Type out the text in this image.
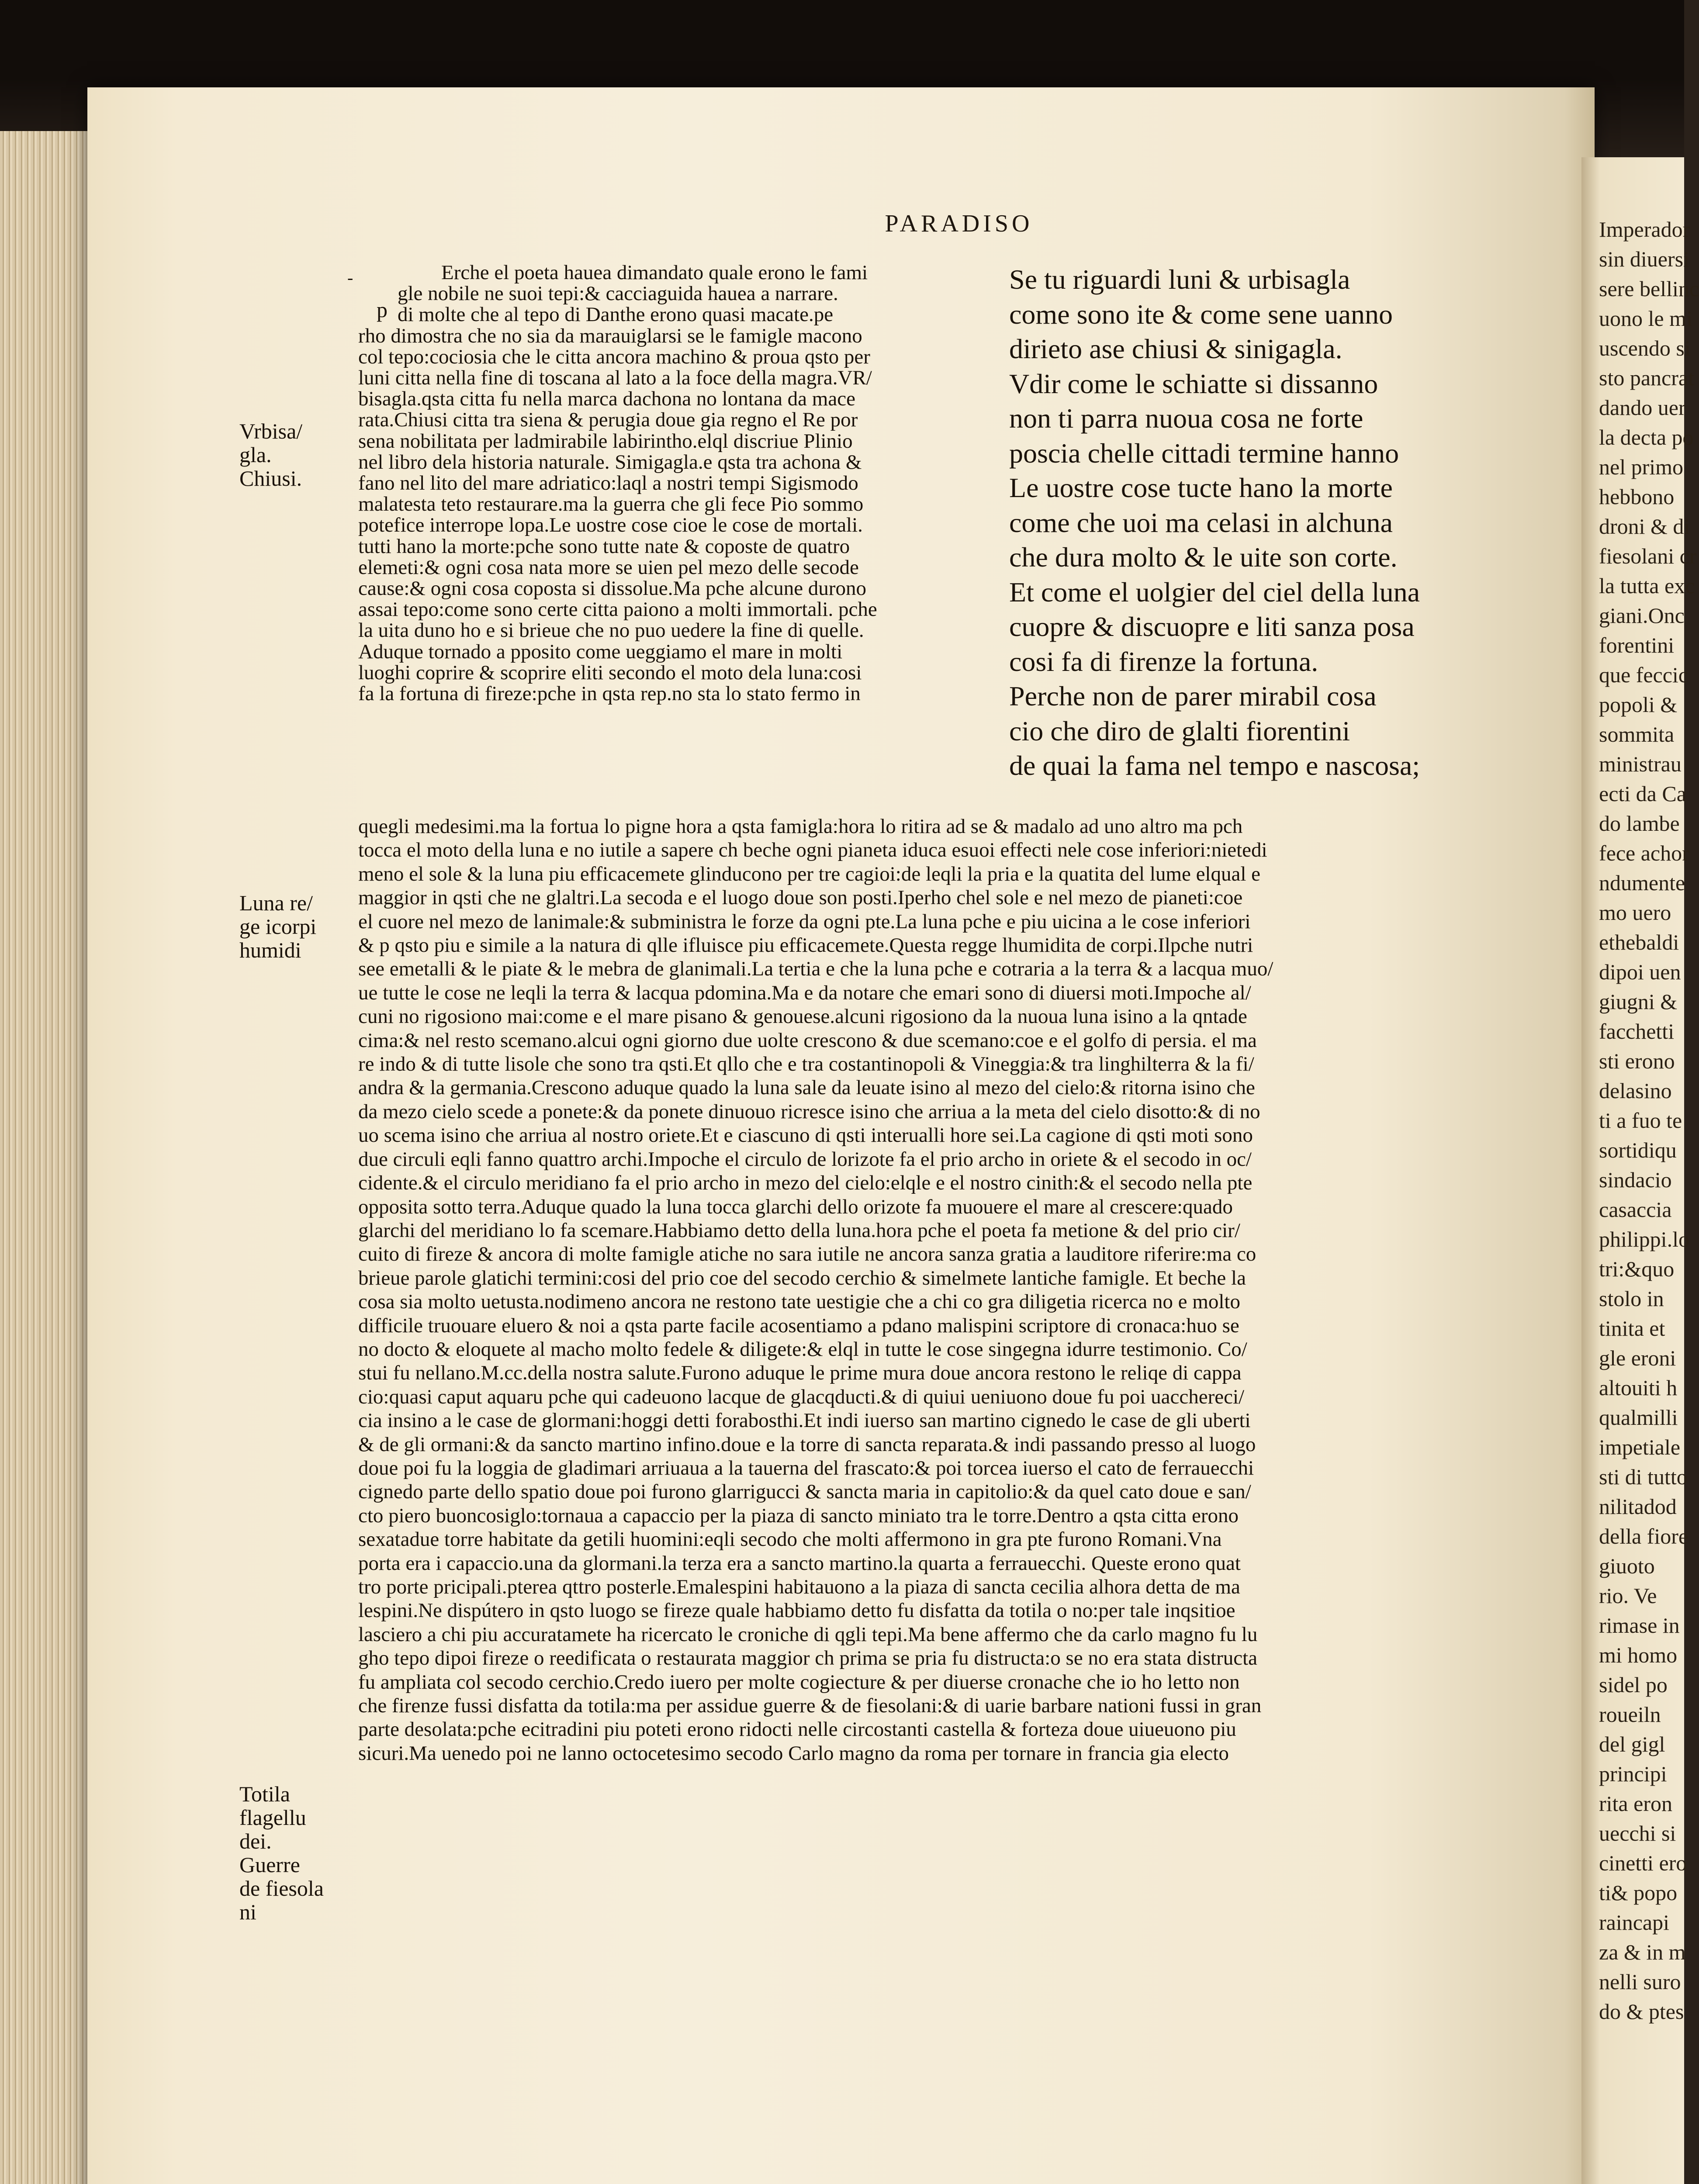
Imperador
sin diuersi
sere bellinc
uono le mi
uscendo si
sto pancrat
dando uer
la decta po
nel primo
hebbono
droni & di
fiesolani cr
la tutta exc
giani.Onc
forentini
que feccic
popoli &
sommita
ministrau
ecti da Ca
do lambe
fece achor
ndumente
mo uero
ethebaldi
dipoi uen
giugni &
facchetti
sti erono
delasino
ti a fuo te
sortidiqu
sindacio
casaccia
philippi.lo
tri:&quo
stolo in
tinita et
gle eroni
altouiti h
qualmilli
impetiale
sti di tutto
nilitadod
della fiore
giuoto
rio. Ve
rimase in
mi homo
sidel po
roueiln
del gigl
principi
rita eron
uecchi si
cinetti ero
ti& popo
raincapi
za & in m
nelli suro
do & ptes
PARADISO
-
p
Erche el poeta hauea dimandato quale erono le fami
gle nobile ne suoi tepi:& cacciaguida hauea a narrare.
di molte che al tepo di Danthe erono quasi macate.pe
rho dimostra che no sia da marauiglarsi se le famigle macono
col tepo:cociosia che le citta ancora machino & proua qsto per
luni citta nella fine di toscana al lato a la foce della magra.VR/
bisagla.qsta citta fu nella marca dachona no lontana da mace
rata.Chiusi citta tra siena & perugia doue gia regno el Re por
sena nobilitata per ladmirabile labirintho.elql discriue Plinio
nel libro dela historia naturale. Simigagla.e qsta tra achona &
fano nel lito del mare adriatico:laql a nostri tempi Sigismodo
malatesta teto restaurare.ma la guerra che gli fece Pio sommo
potefice interrope lopa.Le uostre cose cioe le cose de mortali.
tutti hano la morte:pche sono tutte nate & copostе de quatro
elemeti:& ogni cosa nata more se uien pel mezo delle secode
cause:& ogni cosa coposta si dissolue.Ma pche alcune durono
assai tepo:come sono certe citta paiono a molti immortali. pche
la uita duno ho e si brieue che no puo uedere la fine di quelle.
Aduque tornado a pposito come ueggiamo el mare in molti
luoghi coprire & scoprire eliti secondo el moto dela luna:cosi
fa la fortuna di fireze:pche in qsta rep.no sta lo stato fermo in
Se tu riguardi luni & urbisagla
come sono ite & come sene uanno
dirieto ase chiusi & sinigagla.
Vdir come le schiatte si dissanno
non ti parra nuoua cosa ne forte
poscia chelle cittadi termine hanno
Le uostre cose tucte hano la morte
come che uoi ma celasi in alchuna
che dura molto & le uite son corte.
Et come el uolgier del ciel della luna
cuopre & discuopre e liti sanza posa
cosi fa di firenze la fortuna.
Perche non de parer mirabil cosa
cio che diro de glalti fiorentini
de quai la fama nel tempo e nascosa;
quegli medesimi.ma la fortua lo pigne hora a qsta famigla:hora lo ritira ad se & madalo ad uno altro ma pch
tocca el moto della luna e no iutile a sapere ch beche ogni pianeta iduca esuoi effecti nele cose inferiori:nietedi
meno el sole & la luna piu efficacemete glinducono per tre cagioi:de leqli la pria e la quatita del lume elqual e
maggior in qsti che ne glaltri.La secoda e el luogo doue son posti.Iperho chel sole e nel mezo de pianeti:coe
el cuore nel mezo de lanimale:& subministra le forze da ogni pte.La luna pche e piu uicina a le cose inferiori
& p qsto piu e simile a la natura di qlle ifluisce piu efficacemete.Questa regge lhumidita de corpi.Ilpche nutri
see emetalli & le piate & le mebra de glanimali.La tertia e che la luna pche e cotraria a la terra & a lacqua muo/
ue tutte le cose ne leqli la terra & lacqua pdomina.Ma e da notare che emari sono di diuersi moti.Impoche al/
cuni no rigosiono mai:come e el mare pisano & genouese.alcuni rigosiono da la nuoua luna isino a la qntade
cima:& nel resto scemano.alcui ogni giorno due uolte crescono & due scemano:coe e el golfo di persia. el ma
re indo & di tutte lisole che sono tra qsti.Et qllo che e tra costantinopoli & Vineggia:& tra linghilterra & la fi/
andra & la germania.Crescono aduque quado la luna sale da leuate isino al mezo del cielo:& ritorna isino che
da mezo cielo scede a ponete:& da ponete dinuouo ricresce isino che arriua a la meta del cielo disotto:& di no
uo scema isino che arriua al nostro oriete.Et e ciascuno di qsti interualli hore sei.La cagione di qsti moti sono
due circuli eqli fanno quattro archi.Impoche el circulo de lorizote fa el prio archo in oriete & el secodo in oc/
cidente.& el circulo meridiano fa el prio archo in mezo del cielo:elqle e el nostro cinith:& el secodo nella pte
opposita sotto terra.Aduque quado la luna tocca glarchi dello orizote fa muouere el mare al crescere:quado
glarchi del meridiano lo fa scemare.Habbiamo detto della luna.hora pche el poeta fa metione & del prio cir/
cuito di fireze & ancora di molte famigle atiche no sara iutile ne ancora sanza gratia a lauditore riferire:ma co
brieue parole glatichi termini:cosi del prio coe del secodo cerchio & simelmete lantiche famigle. Et beche la
cosa sia molto uetusta.nodimeno ancora ne restono tate uestigie che a chi co gra diligetia ricerca no e molto
difficile truouare eluero & noi a qsta parte facile acosentiamo a pdano malispini scriptore di cronaca:huo se
no docto & eloquete al macho molto fedele & diligete:& elql in tutte le cose singegna idurre testimonio. Co/
stui fu nellano.M.cc.della nostra salute.Furono aduque le prime mura doue ancora restono le reliqe di cappa
cio:quasi caput aquaru pche qui cadeuono lacque de glacqducti.& di quiui ueniuono doue fu poi uacchereci/
cia insino a le case de glormani:hoggi detti forabosthi.Et indi iuerso san martino cignedo le case de gli uberti
& de gli ormani:& da sancto martino infino.doue e la torre di sancta reparata.& indi passando presso al luogo
doue poi fu la loggia de gladimari arriuaua a la tauerna del frascato:& poi torcea iuerso el cato de ferrauecchi
cignedo parte dello spatio doue poi furono glarrigucci & sancta maria in capitolio:& da quel cato doue e san/
cto piero buoncosiglo:tornaua a capaccio per la piaza di sancto miniato tra le torre.Dentro a qsta citta erono
sexatadue torre habitate da getili huomini:eqli secodo che molti affermono in gra pte furono Romani.Vna
porta era i capaccio.una da glormani.la terza era a sancto martino.la quarta a ferrauecchi. Queste erono quat
tro porte pricipali.pterea qttro posterle.Emalespini habitauono a la piaza di sancta cecilia alhora detta de ma
lespini.Ne dispútero in qsto luogo se fireze quale habbiamo detto fu disfatta da totila o no:per tale inqsitioe
lasciero a chi piu accuratamete ha ricercato le croniche di qgli tepi.Ma bene affermo che da carlo magno fu lu
gho tepo dipoi fireze o reedificata o restaurata maggior ch prima se pria fu distructa:o se no era stata distructa
fu ampliata col secodo cerchio.Credo iuero per molte cogiecture & per diuerse cronache che io ho letto non
che firenze fussi disfatta da totila:ma per assidue guerre & de fiesolani:& di uarie barbare nationi fussi in gran
parte desolata:pche ecitradini piu poteti erono ridocti nelle circostanti castella & forteza doue uiueuono piu
sicuri.Ma uenedo poi ne lanno octocetesimo secodo Carlo magno da roma per tornare in francia gia electo
Vrbisa/
gla.
Chiusi.
Luna re/
ge icorpi
humidi
Totila
flagellu
dei.
Guerre
de fiesola
ni
